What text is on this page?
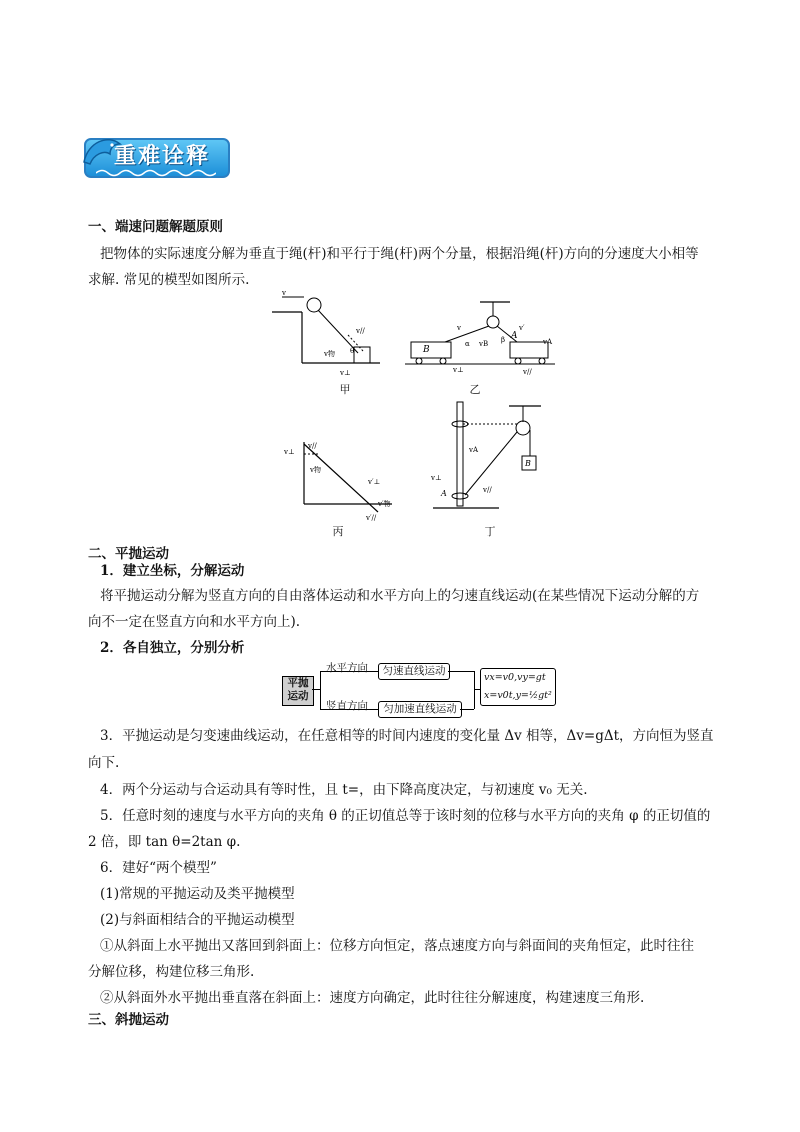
重难诠释
一、端速问题解题原则
把物体的实际速度分解为垂直于绳(杆)和平行于绳(杆)两个分量，根据沿绳(杆)方向的分速度大小相等
求解. 常见的模型如图所示.
v
v//
v物 θ
v⊥
甲
B
A
v
vB	vA
α	β
v′
v⊥	v//
乙
v⊥
v//
v物
v′⊥
v′物
v′//
丙
B
v⊥
vA
v//
A
丁
二、平抛运动
1．建立坐标，分解运动
将平抛运动分解为竖直方向的自由落体运动和水平方向上的匀速直线运动(在某些情况下运动分解的方
向不一定在竖直方向和水平方向上).
2．各自独立，分别分析
平抛
运动
水平方向
竖直方向
匀速直线运动
匀加速直线运动
vx=v0,vy=gt
x=v0t,y=½gt²
3．平抛运动是匀变速曲线运动，在任意相等的时间内速度的变化量 Δv 相等，Δv=gΔt，方向恒为竖直
向下.
4．两个分运动与合运动具有等时性，且 t=，由下降高度决定，与初速度 v₀ 无关.
5．任意时刻的速度与水平方向的夹角 θ 的正切值总等于该时刻的位移与水平方向的夹角 φ 的正切值的
2 倍，即 tan θ=2tan φ.
6．建好“两个模型”
(1)常规的平抛运动及类平抛模型
(2)与斜面相结合的平抛运动模型
①从斜面上水平抛出又落回到斜面上：位移方向恒定，落点速度方向与斜面间的夹角恒定，此时往往
分解位移，构建位移三角形.
②从斜面外水平抛出垂直落在斜面上：速度方向确定，此时往往分解速度，构建速度三角形.
三、斜抛运动
